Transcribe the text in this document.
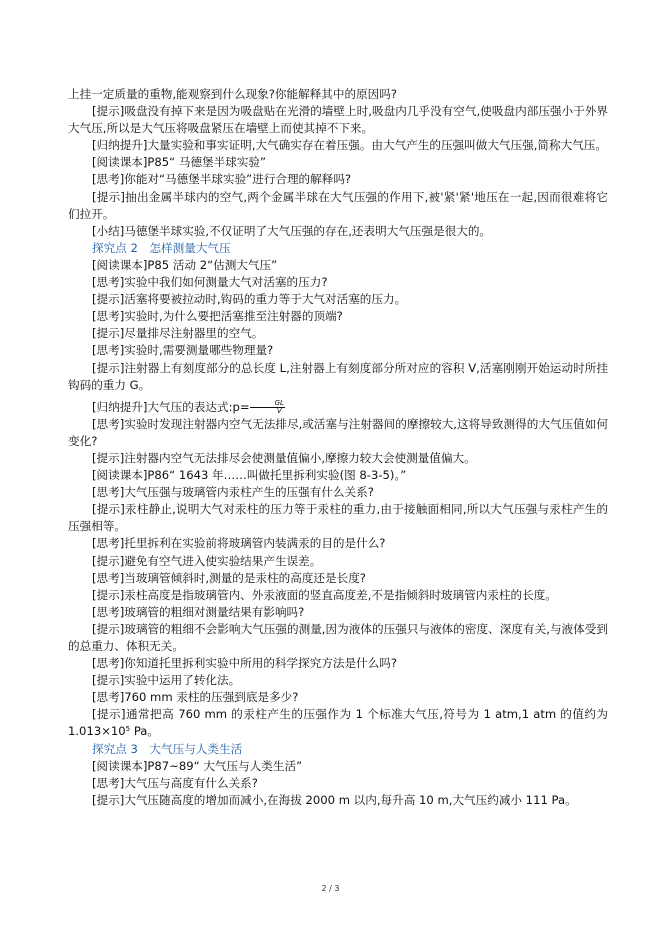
上挂一定质量的重物,能观察到什么现象?你能解释其中的原因吗?

[提示]吸盘没有掉下来是因为吸盘贴在光滑的墙壁上时,吸盘内几乎没有空气,使吸盘内部压强小于外界大气压,所以是大气压将吸盘紧压在墙壁上而使其掉不下来。

[归纳提升]大量实验和事实证明,大气确实存在着压强。由大气产生的压强叫做大气压强,简称大气压。

[阅读课本]P85“ 马德堡半球实验”

[思考]你能对“马德堡半球实验”进行合理的解释吗?

[提示]抽出金属半球内的空气,两个金属半球在大气压强的作用下,被'紧'紧'地压在一起,因而很难将它们拉开。

[小结]马德堡半球实验,不仅证明了大气压强的存在,还表明大气压强是很大的。

探究点 2　怎样测量大气压

[阅读课本]P85 活动 2“估测大气压”

[思考]实验中我们如何测量大气对活塞的压力?

[提示]活塞将要被拉动时,钩码的重力等于大气对活塞的压力。

[思考]实验时,为什么要把活塞推至注射器的顶端?

[提示]尽量排尽注射器里的空气。

[思考]实验时,需要测量哪些物理量?

[提示]注射器上有刻度部分的总长度 L,注射器上有刻度部分所对应的容积 V,活塞刚刚开始运动时所挂钩码的重力 G。

[归纳提升]大气压的表达式:p= $\frac{GL}{V}$

[思考]实验时发现注射器内空气无法排尽,或活塞与注射器间的摩擦较大,这将导致测得的大气压值如何变化?

[提示]注射器内空气无法排尽会使测量值偏小,摩擦力较大会使测量值偏大。

[阅读课本]P86“ 1643 年……叫做托里拆利实验(图 8-3-5)。”

[思考]大气压强与玻璃管内汞柱产生的压强有什么关系?

[提示]汞柱静止,说明大气对汞柱的压力等于汞柱的重力,由于接触面相同,所以大气压强与汞柱产生的压强相等。

[思考]托里拆利在实验前将玻璃管内装满汞的目的是什么?

[提示]避免有空气进入使实验结果产生误差。

[思考]当玻璃管倾斜时,测量的是汞柱的高度还是长度?

[提示]汞柱高度是指玻璃管内、外汞液面的竖直高度差,不是指倾斜时玻璃管内汞柱的长度。

[思考]玻璃管的粗细对测量结果有影响吗?

[提示]玻璃管的粗细不会影响大气压强的测量,因为液体的压强只与液体的密度、深度有关,与液体受到的总重力、体积无关。

[思考]你知道托里拆利实验中所用的科学探究方法是什么吗?

[提示]实验中运用了转化法。

[思考]760 mm 汞柱的压强到底是多少?

[提示]通常把高 760 mm 的汞柱产生的压强作为 1 个标准大气压,符号为 1 atm,1 atm 的值约为 $1.013\times 10^5$ Pa。

探究点 3　大气压与人类生活

[阅读课本]P87~89“ 大气压与人类生活”

[思考]大气压与高度有什么关系?

[提示]大气压随高度的增加而减小,在海拔 2000 m 以内,每升高 10 m,大气压约减小 111 Pa。

2 / 3
